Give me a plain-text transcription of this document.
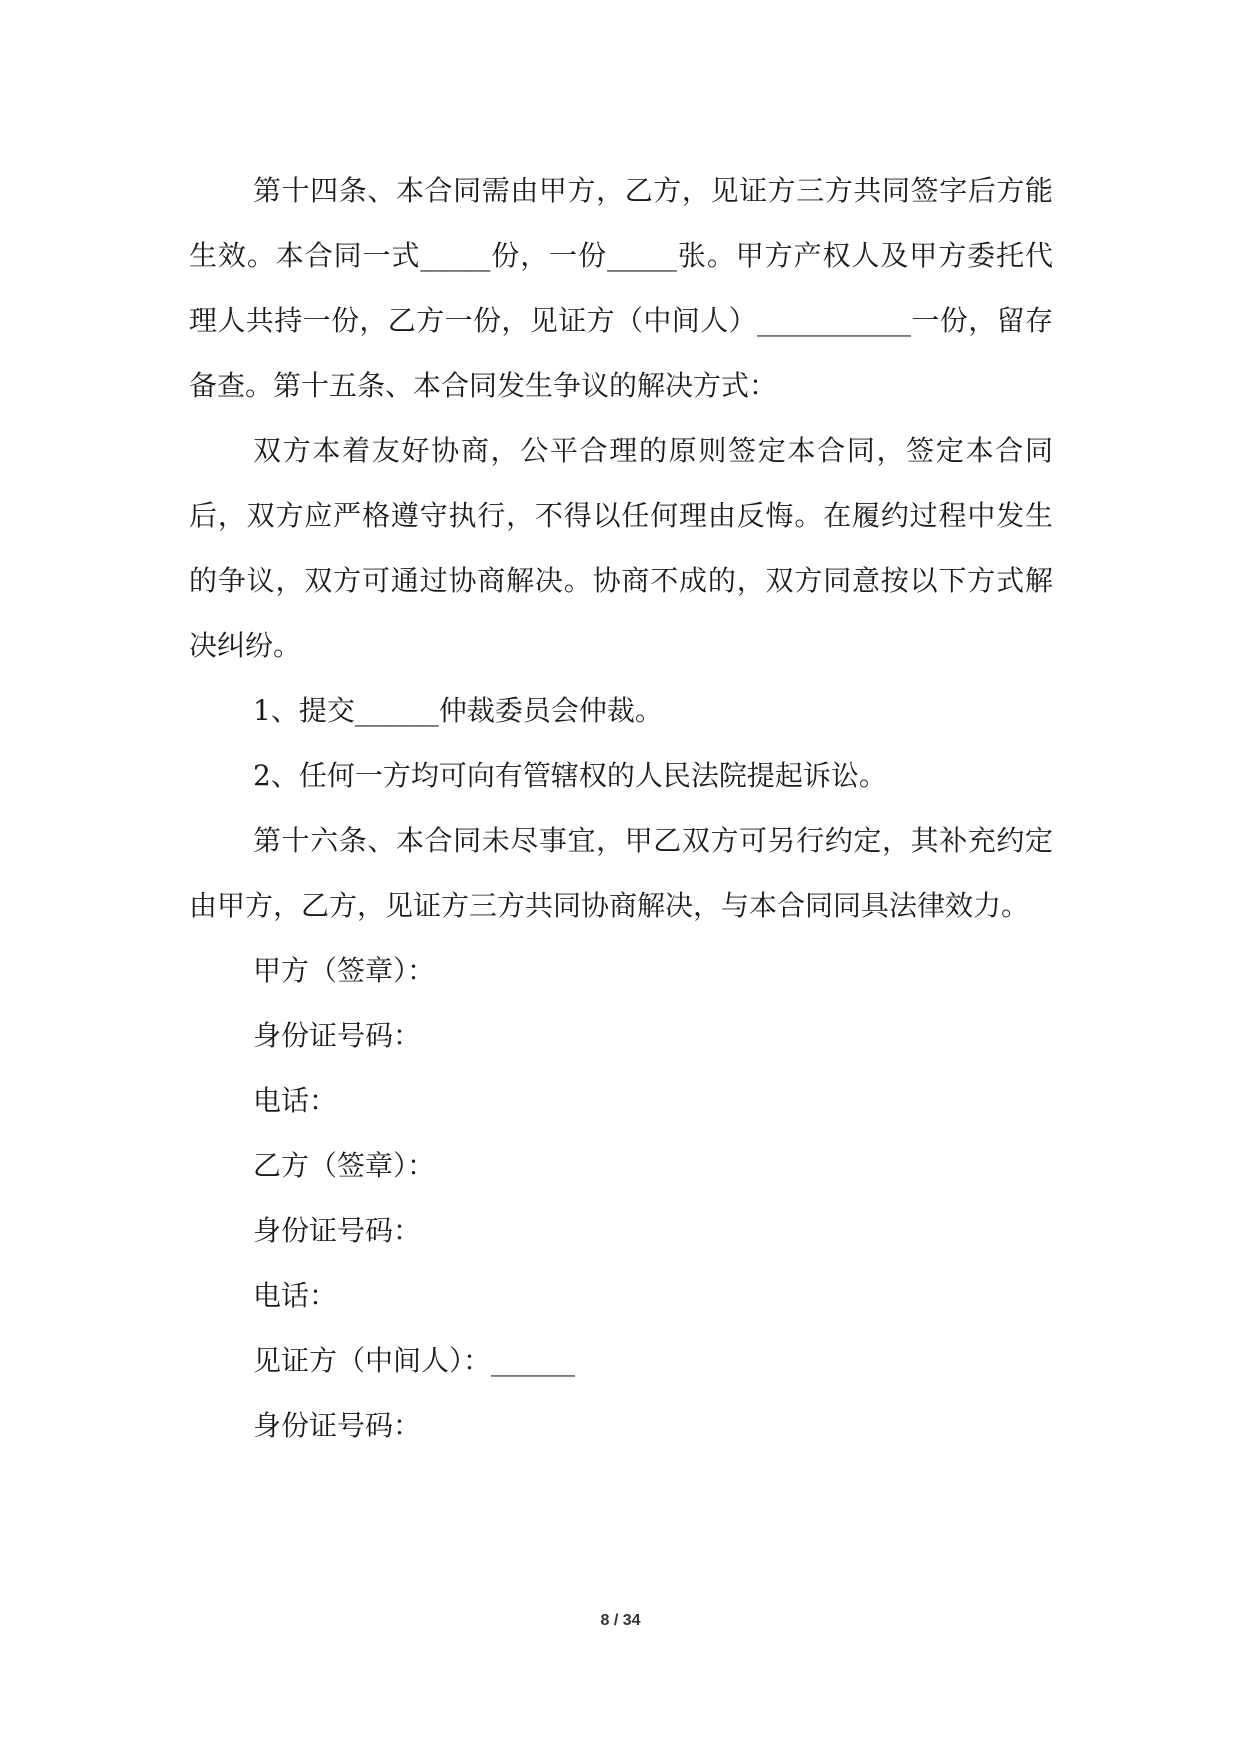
第十四条、本合同需由甲方，乙方，见证方三方共同签字后方能生效。本合同一式_____份，一份_____张。甲方产权人及甲方委托代理人共持一份，乙方一份，见证方（中间人）___________一份，留存备查。第十五条、本合同发生争议的解决方式：

双方本着友好协商，公平合理的原则签定本合同，签定本合同后，双方应严格遵守执行，不得以任何理由反悔。在履约过程中发生的争议，双方可通过协商解决。协商不成的，双方同意按以下方式解决纠纷。

1、提交______仲裁委员会仲裁。

2、任何一方均可向有管辖权的人民法院提起诉讼。

第十六条、本合同未尽事宜，甲乙双方可另行约定，其补充约定由甲方，乙方，见证方三方共同协商解决，与本合同同具法律效力。

甲方（签章）：

身份证号码：

电话：

乙方（签章）：

身份证号码：

电话：

见证方（中间人）：______

身份证号码：

8 / 34
